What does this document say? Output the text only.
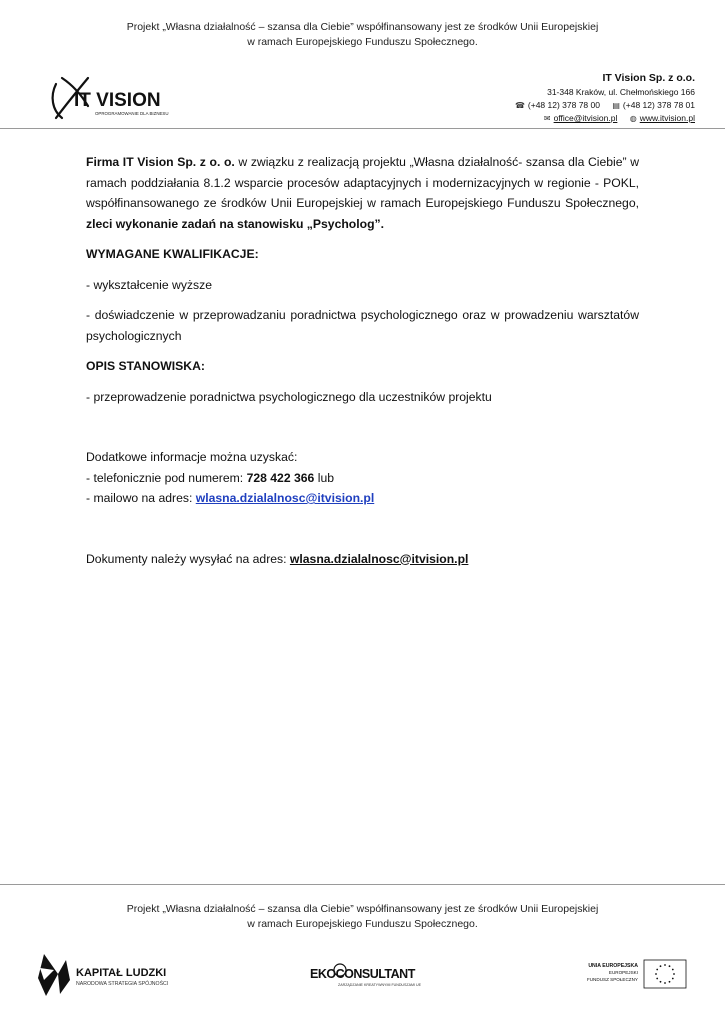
Projekt „Własna działalność – szansa dla Ciebie” współfinansowany jest ze środków Unii Europejskiej
w ramach Europejskiego Funduszu Społecznego.
IT VISION
OPROGRAMOWANIE DLA BIZNESU
IT Vision Sp. z o.o.
31-348 Kraków, ul. Chełmońskiego 166
☎ (+48 12) 378 78 00 ▤ (+48 12) 378 78 01
✉ office@itvision.pl ◍ www.itvision.pl

Firma IT Vision Sp. z o. o. w związku z realizacją projektu „Własna działalność- szansa dla Ciebie” w ramach poddziałania 8.1.2 wsparcie procesów adaptacyjnych i modernizacyjnych w regionie - POKL, współfinansowanego ze środków Unii Europejskiej w ramach Europejskiego Funduszu Społecznego, zleci wykonanie zadań na stanowisku „Psycholog”.

WYMAGANE KWALIFIKACJE:

- wykształcenie wyższe

- doświadczenie w przeprowadzaniu poradnictwa psychologicznego oraz w prowadzeniu warsztatów psychologicznych

OPIS STANOWISKA:

- przeprowadzenie poradnictwa psychologicznego dla uczestników projektu

Dodatkowe informacje można uzyskać:

- telefonicznie pod numerem: 728 422 366 lub

- mailowo na adres: wlasna.dzialalnosc@itvision.pl

Dokumenty należy wysyłać na adres: wlasna.dzialalnosc@itvision.pl

Projekt „Własna działalność – szansa dla Ciebie” współfinansowany jest ze środków Unii Europejskiej
w ramach Europejskiego Funduszu Społecznego.
KAPITAŁ LUDZKI
NARODOWA STRATEGIA SPÓJNOŚCI
EKOCONSULTANT
ZARZĄDZANIE KREATYWNYMI FUNDUSZAMI UE
UNIA EUROPEJSKA
EUROPEJSKI
FUNDUSZ SPOŁECZNY
